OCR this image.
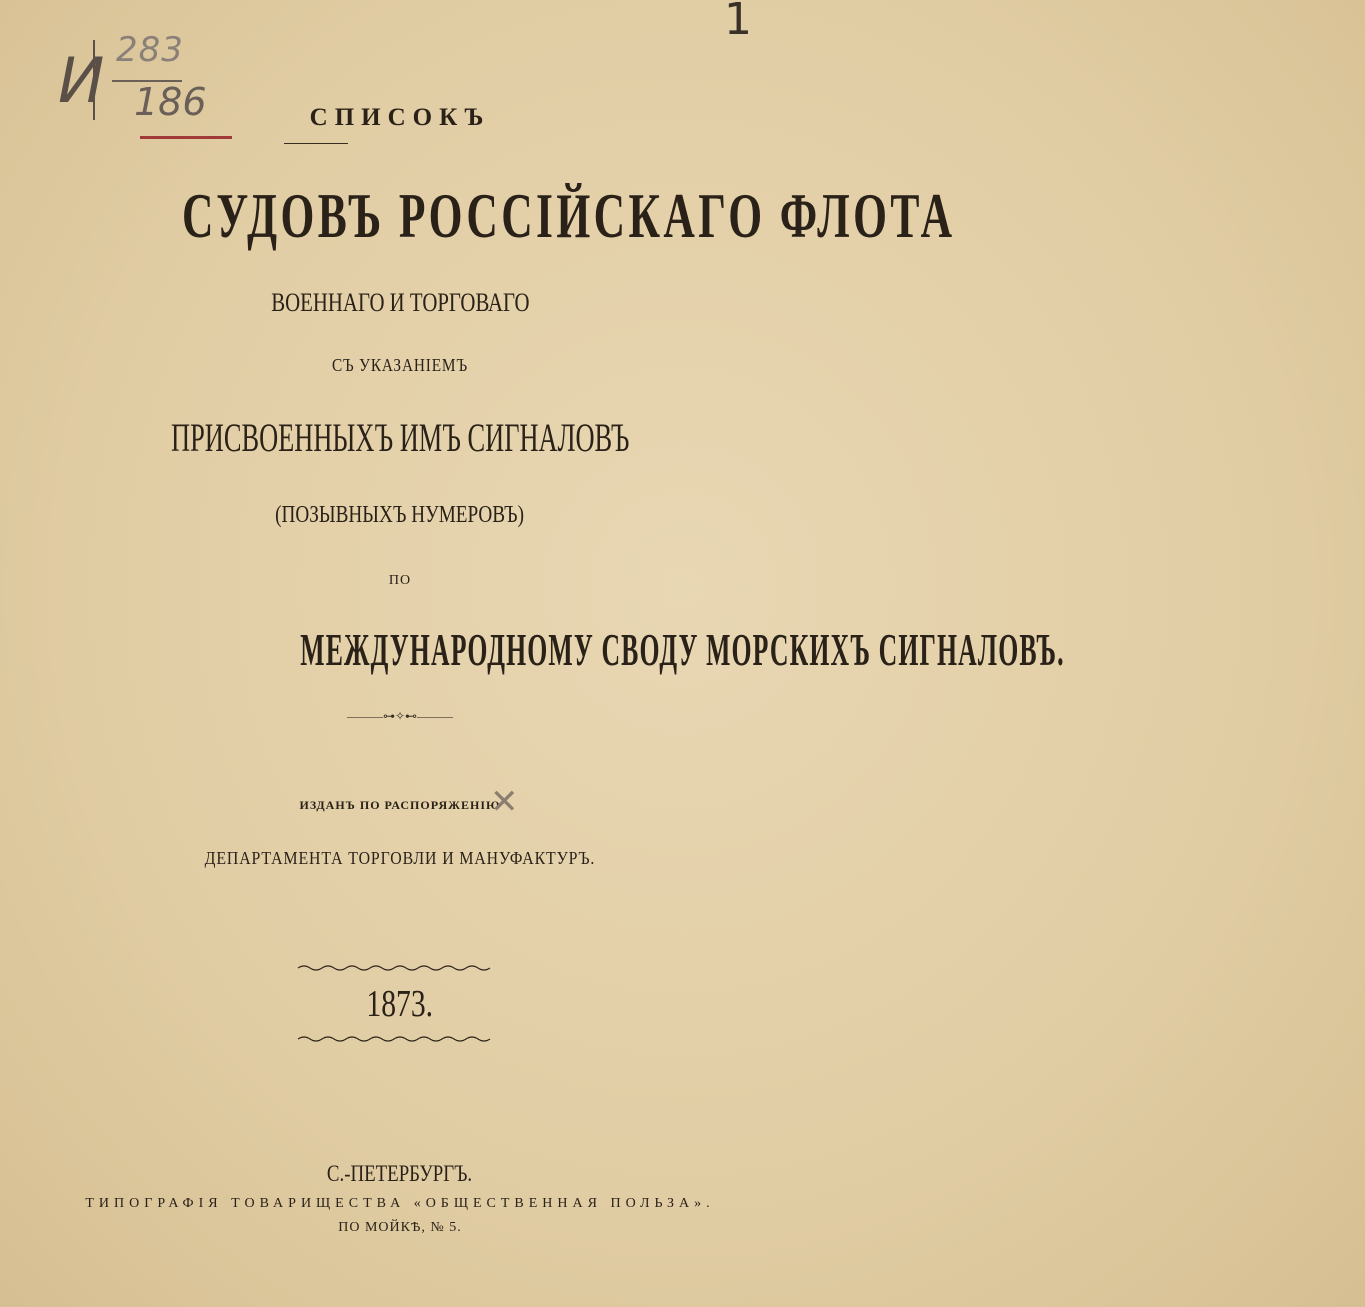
1
И 283
186	СПИСОКЪ
СУДОВЪ РОССІЙСКАГО ФЛОТА
ВОЕННАГО И ТОРГОВАГО
СЪ УКАЗАНІЕМЪ
ПРИСВОЕННЫХЪ ИМЪ СИГНАЛОВЪ
(ПОЗЫВНЫХЪ НУМЕРОВЪ)
ПО
МЕЖДУНАРОДНОМУ СВОДУ МОРСКИХЪ СИГНАЛОВЪ.
———⊶✧⊷———
ИЗДАНЪ ПО РАСПОРЯЖЕНІЮ
✕
ДЕПАРТАМЕНТА ТОРГОВЛИ И МАНУФАКТУРЪ.
1873.
С.-ПЕТЕРБУРГЪ.
ТИПОГРАФІЯ ТОВАРИЩЕСТВА «ОБЩЕСТВЕННАЯ ПОЛЬЗА».
ПО МОЙКѢ, № 5.
